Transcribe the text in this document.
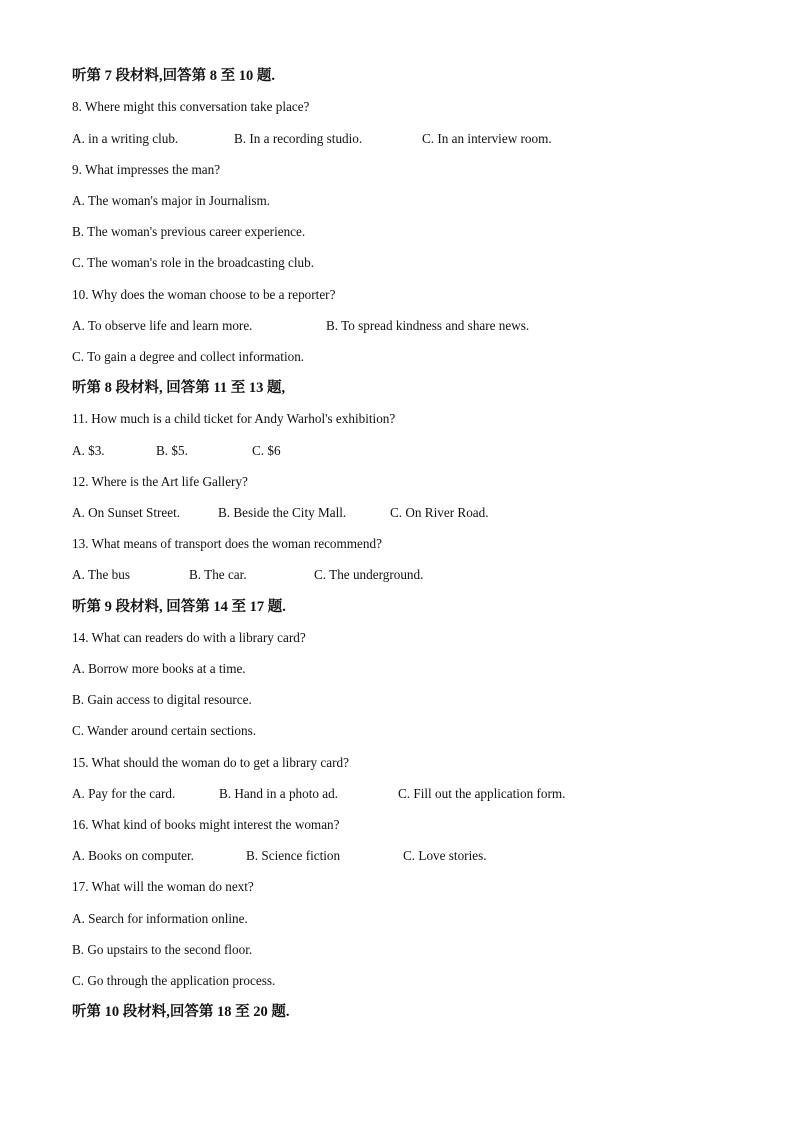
听第 7 段材料,回答第 8 至 10 题.
8. Where might this conversation take place?
A. in a writing club.	B. In a recording studio.	C. In an interview room.
9. What impresses the man?
A. The woman's major in Journalism.
B. The woman's previous career experience.
C. The woman's role in the broadcasting club.
10. Why does the woman choose to be a reporter?
A. To observe life and learn more.	B. To spread kindness and share news.
C. To gain a degree and collect information.
听第 8 段材料, 回答第 11 至 13 题,
11. How much is a child ticket for Andy Warhol's exhibition?
A. $3.	B. $5.	C. $6
12. Where is the Art life Gallery?
A. On Sunset Street.	B. Beside the City Mall.	C. On River Road.
13. What means of transport does the woman recommend?
A. The bus	B. The car.	C. The underground.
听第 9 段材料, 回答第 14 至 17 题.
14. What can readers do with a library card?
A. Borrow more books at a time.
B. Gain access to digital resource.
C. Wander around certain sections.
15. What should the woman do to get a library card?
A. Pay for the card.	B. Hand in a photo ad.	C. Fill out the application form.
16. What kind of books might interest the woman?
A. Books on computer.	B. Science fiction	C. Love stories.
17. What will the woman do next?
A. Search for information online.
B. Go upstairs to the second floor.
C. Go through the application process.
听第 10 段材料,回答第 18 至 20 题.
